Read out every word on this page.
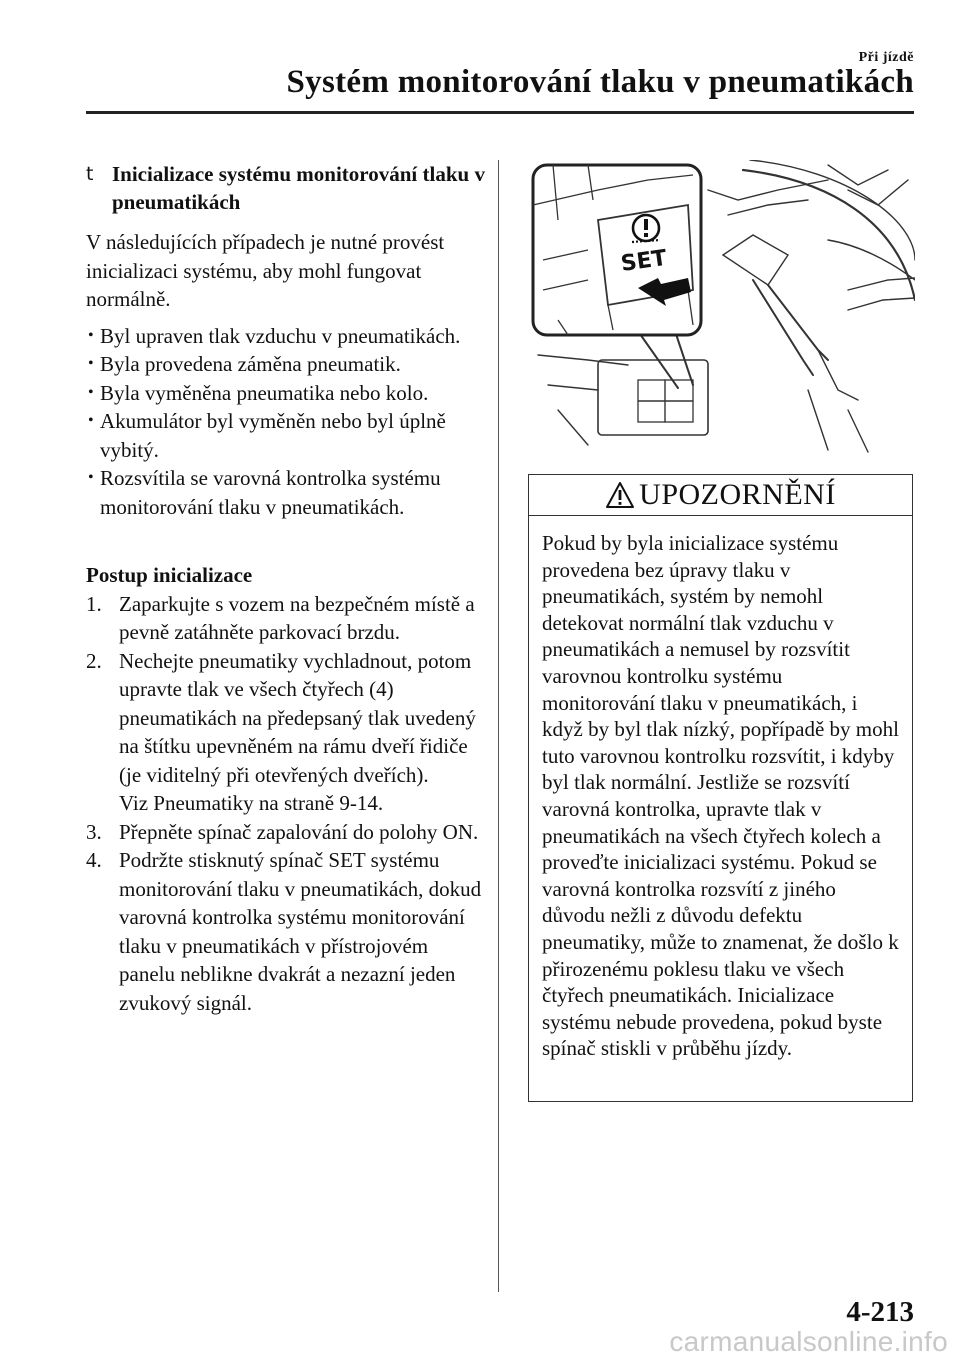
Při jízdě
Systém monitorování tlaku v pneumatikách
t Inicializace systému monitorování tlaku v pneumatikách

V následujících případech je nutné provést inicializaci systému, aby mohl fungovat normálně.

• Byl upraven tlak vzduchu v pneumatikách.
• Byla provedena záměna pneumatik.
• Byla vyměněna pneumatika nebo kolo.
• Akumulátor byl vyměněn nebo byl úplně vybitý.
• Rozsvítila se varovná kontrolka systému monitorování tlaku v pneumatikách.
Postup inicializace
1. Zaparkujte s vozem na bezpečném místě a pevně zatáhněte parkovací brzdu.
2. Nechejte pneumatiky vychladnout, potom upravte tlak ve všech čtyřech (4) pneumatikách na předepsaný tlak uvedený na štítku upevněném na rámu dveří řidiče (je viditelný při otevřených dveřích).
Viz Pneumatiky na straně 9-14.
3. Přepněte spínač zapalování do polohy ON.
4. Podržte stisknutý spínač SET systému monitorování tlaku v pneumatikách, dokud varovná kontrolka systému monitorování tlaku v pneumatikách v přístrojovém panelu neblikne dvakrát a nezazní jeden zvukový signál.
SET
UPOZORNĚNÍ
Pokud by byla inicializace systému provedena bez úpravy tlaku v pneumatikách, systém by nemohl detekovat normální tlak vzduchu v pneumatikách a nemusel by rozsvítit varovnou kontrolku systému monitorování tlaku v pneumatikách, i když by byl tlak nízký, popřípadě by mohl tuto varovnou kontrolku rozsvítit, i kdyby byl tlak normální. Jestliže se rozsvítí varovná kontrolka, upravte tlak v pneumatikách na všech čtyřech kolech a proveďte inicializaci systému. Pokud se varovná kontrolka rozsvítí z jiného důvodu nežli z důvodu defektu pneumatiky, může to znamenat, že došlo k přirozenému poklesu tlaku ve všech čtyřech pneumatikách. Inicializace systému nebude provedena, pokud byste spínač stiskli v průběhu jízdy.
4-213
carmanualsonline.info
